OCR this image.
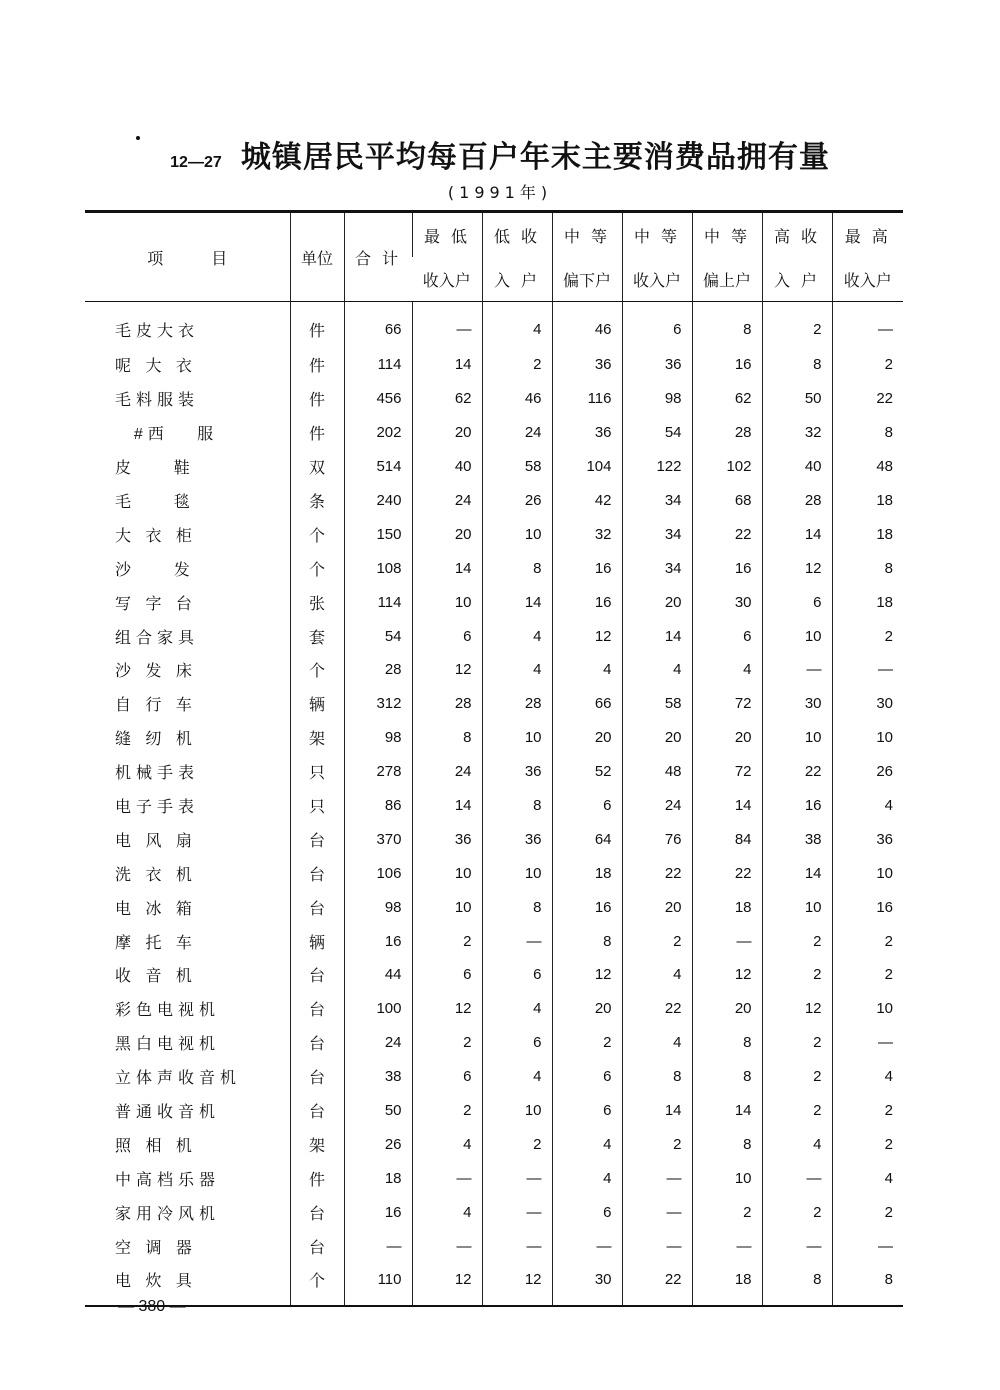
12—27 城镇居民平均每百户年末主要消费品拥有量
(1991年)
项 目	单位	合 计	最 低	低 收	中 等	中 等	中 等	高 收	最 高
			收入户	入 户	偏下户	收入户	偏上户	入 户	收入户
毛皮大衣	件	66	—	4	46	6	8	2	—
呢 大 衣	件	114	14	2	36	36	16	8	2
毛料服装	件	456	62	46	116	98	62	50	22
#西   服	件	202	20	24	36	54	28	32	8
皮    鞋	双	514	40	58	104	122	102	40	48
毛    毯	条	240	24	26	42	34	68	28	18
大 衣 柜	个	150	20	10	32	34	22	14	18
沙    发	个	108	14	8	16	34	16	12	8
写 字 台	张	114	10	14	16	20	30	6	18
组合家具	套	54	6	4	12	14	6	10	2
沙 发 床	个	28	12	4	4	4	4	—	—
自 行 车	辆	312	28	28	66	58	72	30	30
缝 纫 机	架	98	8	10	20	20	20	10	10
机械手表	只	278	24	36	52	48	72	22	26
电子手表	只	86	14	8	6	24	14	16	4
电 风 扇	台	370	36	36	64	76	84	38	36
洗 衣 机	台	106	10	10	18	22	22	14	10
电 冰 箱	台	98	10	8	16	20	18	10	16
摩 托 车	辆	16	2	—	8	2	—	2	2
收 音 机	台	44	6	6	12	4	12	2	2
彩色电视机	台	100	12	4	20	22	20	12	10
黑白电视机	台	24	2	6	2	4	8	2	—
立体声收音机	台	38	6	4	6	8	8	2	4
普通收音机	台	50	2	10	6	14	14	2	2
照 相 机	架	26	4	2	4	2	8	4	2
中高档乐器	件	18	—	—	4	—	10	—	4
家用冷风机	台	16	4	—	6	—	2	2	2
空 调 器	台	—	—	—	—	—	—	—	—
电 炊 具	个	110	12	12	30	22	18	8	8

— 380 —
